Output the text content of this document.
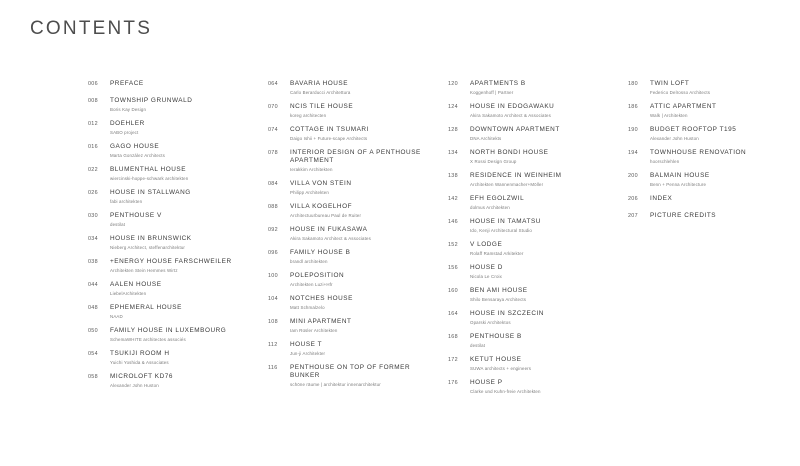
CONTENTS
006	PREFACE
008	TOWNSHIP GRUNWALD
Boris Kay Design
012	DOEHLER
SABO project
016	GAGO HOUSE
Marta González Architects
022	BLUMENTHAL HOUSE
wiercinski-hoppe-schwark architekten
026	HOUSE IN STALLWANG
fabi architekten
030	PENTHOUSE V
destilat
034	HOUSE IN BRUNSWICK
Nieberg Architect, steffenarchitektur
038	+ENERGY HOUSE FARSCHWEILER
Architekten Stein Hemmes Wirtz
044	AALEN HOUSE
LiebelArchitekten
048	EPHEMERAL HOUSE
NAAD
050	FAMILY HOUSE IN LUXEMBOURG
SchemaWHITE architectes associés
054	TSUKIJI ROOM H
Yuichi Yoshida & Associates
058	MICROLOFT KD76
Alexander John Huston
064	BAVARIA HOUSE
Carlo Berarducci Architettura
070	NCIS TILE HOUSE
koreg architecten
074	COTTAGE IN TSUMARI
Daigo Ishii + Future-scape Architects
078	INTERIOR DESIGN OF A PENTHOUSE APARTMENT
Ierakkim Architekten
084	VILLA VON STEIN
Philipp Architekten
088	VILLA KOGELHOF
Architectuurbureau Paul de Ruiter
092	HOUSE IN FUKASAWA
Akira Sakamoto Architect & Associates
096	FAMILY HOUSE B
brandl architekten
100	POLEPOSITION
Architekten Luzi+Hfr
104	NOTCHES HOUSE
Matt Schmalzelo
108	MINI APARTMENT
Iam Rüsler Architekten
112	HOUSE T
Jun-ji Architekter
116	PENTHOUSE ON TOP OF FORMER BUNKER
schöne räume | architektur innenarchitektur
120	APARTMENTS B
Koggenhoff | Partner
124	HOUSE IN EDOGAWAKU
Akira Sakamoto Architect & Associates
128	DOWNTOWN APARTMENT
DNA Architekts
134	NORTH BONDI HOUSE
X Rossi Design Group
138	RESIDENCE IN WEINHEIM
Architekten Wannenmacher+Möller
142	EFH EGOLZWIL
dolmus Architekten
146	HOUSE IN TAMATSU
Ido, Kenji Architectural Studio
152	V LODGE
Rolaff Ramstad Arkitekter
156	HOUSE D
Nicola Le Croix
160	BEN AMI HOUSE
Shilo Bensaraya Architects
164	HOUSE IN SZCZECIN
Oparski Architektos
168	PENTHOUSE B
destilat
172	KETUT HOUSE
SUWA architects + engineers
176	HOUSE P
Clarke und Kuhn-freie Architekten
180	TWIN LOFT
Federico Delrosso Architects
186	ATTIC APARTMENT
Walk | Architekten
190	BUDGET ROOFTOP T195
Alexander John Huston
194	TOWNHOUSE RENOVATION
hoorschlehlen
200	BALMAIN HOUSE
Benn + Penna Architecture
206	INDEX
207	PICTURE CREDITS
